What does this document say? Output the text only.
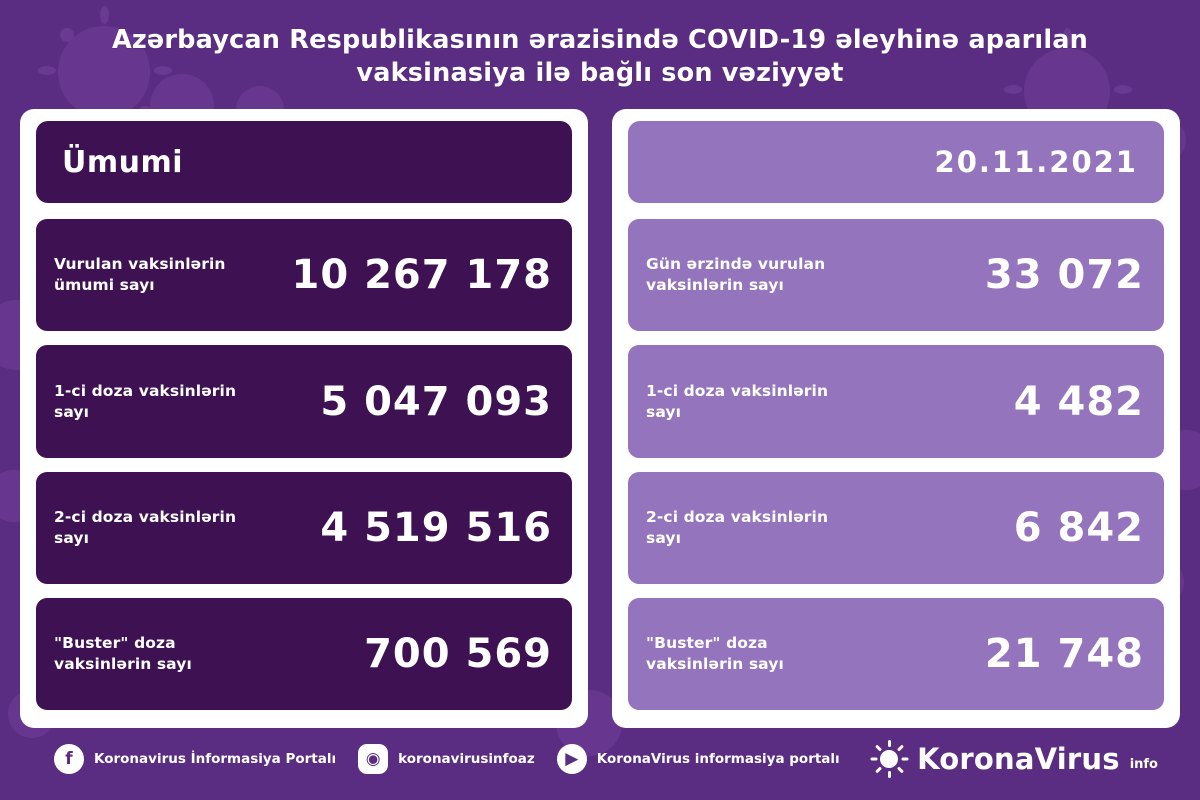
Azərbaycan Respublikasının ərazisində COVID-19 əleyhinə aparılan vaksinasiya ilə bağlı son vəziyyət
Ümumi
Vurulan vaksinlərin ümumi sayı	10 267 178
1-ci doza vaksinlərin sayı	5 047 093
2-ci doza vaksinlərin sayı	4 519 516
"Buster" doza vaksinlərin sayı	700 569
20.11.2021
Gün ərzində vurulan vaksinlərin sayı	33 072
1-ci doza vaksinlərin sayı	4 482
2-ci doza vaksinlərin sayı	6 842
"Buster" doza vaksinlərin sayı	21 748
f	Koronavirus İnformasiya Portalı	◉	koronavirusinfoaz	▶	KoronaVirus informasiya portalı	KoronaVirus info
